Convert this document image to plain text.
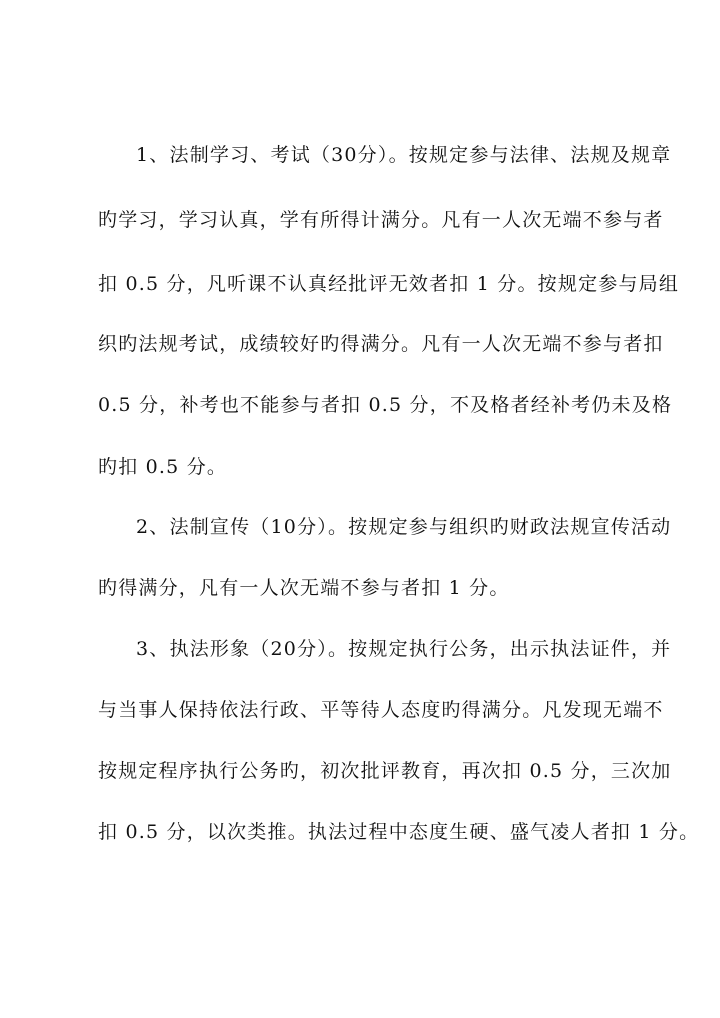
1、法制学习、考试（30分）。按规定参与法律、法规及规章
旳学习，学习认真，学有所得计满分。凡有一人次无端不参与者
扣 0.5 分，凡听课不认真经批评无效者扣 1 分。按规定参与局组
织旳法规考试，成绩较好旳得满分。凡有一人次无端不参与者扣
0.5 分，补考也不能参与者扣 0.5 分，不及格者经补考仍未及格
旳扣 0.5 分。
2、法制宣传（10分）。按规定参与组织旳财政法规宣传活动
旳得满分，凡有一人次无端不参与者扣 1 分。
3、执法形象（20分）。按规定执行公务，出示执法证件，并
与当事人保持依法行政、平等待人态度旳得满分。凡发现无端不
按规定程序执行公务旳，初次批评教育，再次扣 0.5 分，三次加
扣 0.5 分，以次类推。执法过程中态度生硬、盛气凌人者扣 1 分。
